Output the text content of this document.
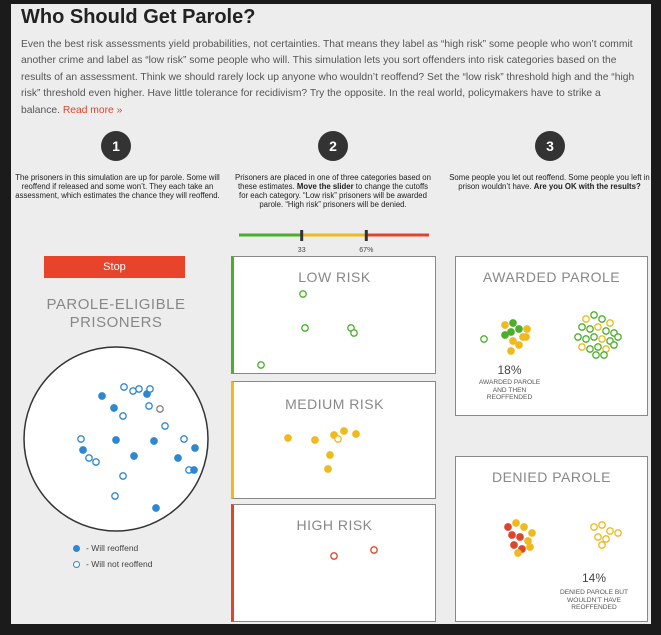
Who Should Get Parole?
Even the best risk assessments yield probabilities, not certainties. That means they label as “high risk” some people who won’t commit another crime and label as “low risk” some people who will. This simulation lets you sort offenders into risk categories based on the results of an assessment. Think we should rarely lock up anyone who wouldn’t reoffend? Set the “low risk” threshold high and the “high risk” threshold even higher. Have little tolerance for recidivism? Try the opposite. In the real world, policymakers have to strike a balance. Read more »
1	2	3
The prisoners in this simulation are up for parole. Some will reoffend if released and some won’t. They each take an assessment, which estimates the chance they will reoffend.
Prisoners are placed in one of three categories based on these estimates. Move the slider to change the cutoffs for each category. “Low risk” prisoners will be awarded parole. “High risk” prisoners will be denied.
Some people you let out reoffend. Some people you left in prison wouldn’t have. Are you OK with the results?
33	67%
Stop
PAROLE-ELIGIBLE PRISONERS
- Will reoffend
- Will not reoffend
LOW RISK
MEDIUM RISK
HIGH RISK
AWARDED PAROLE
18%
AWARDED PAROLE
AND THEN
REOFFENDED
DENIED PAROLE
14%
DENIED PAROLE BUT
WOULDN’T HAVE
REOFFENDED
